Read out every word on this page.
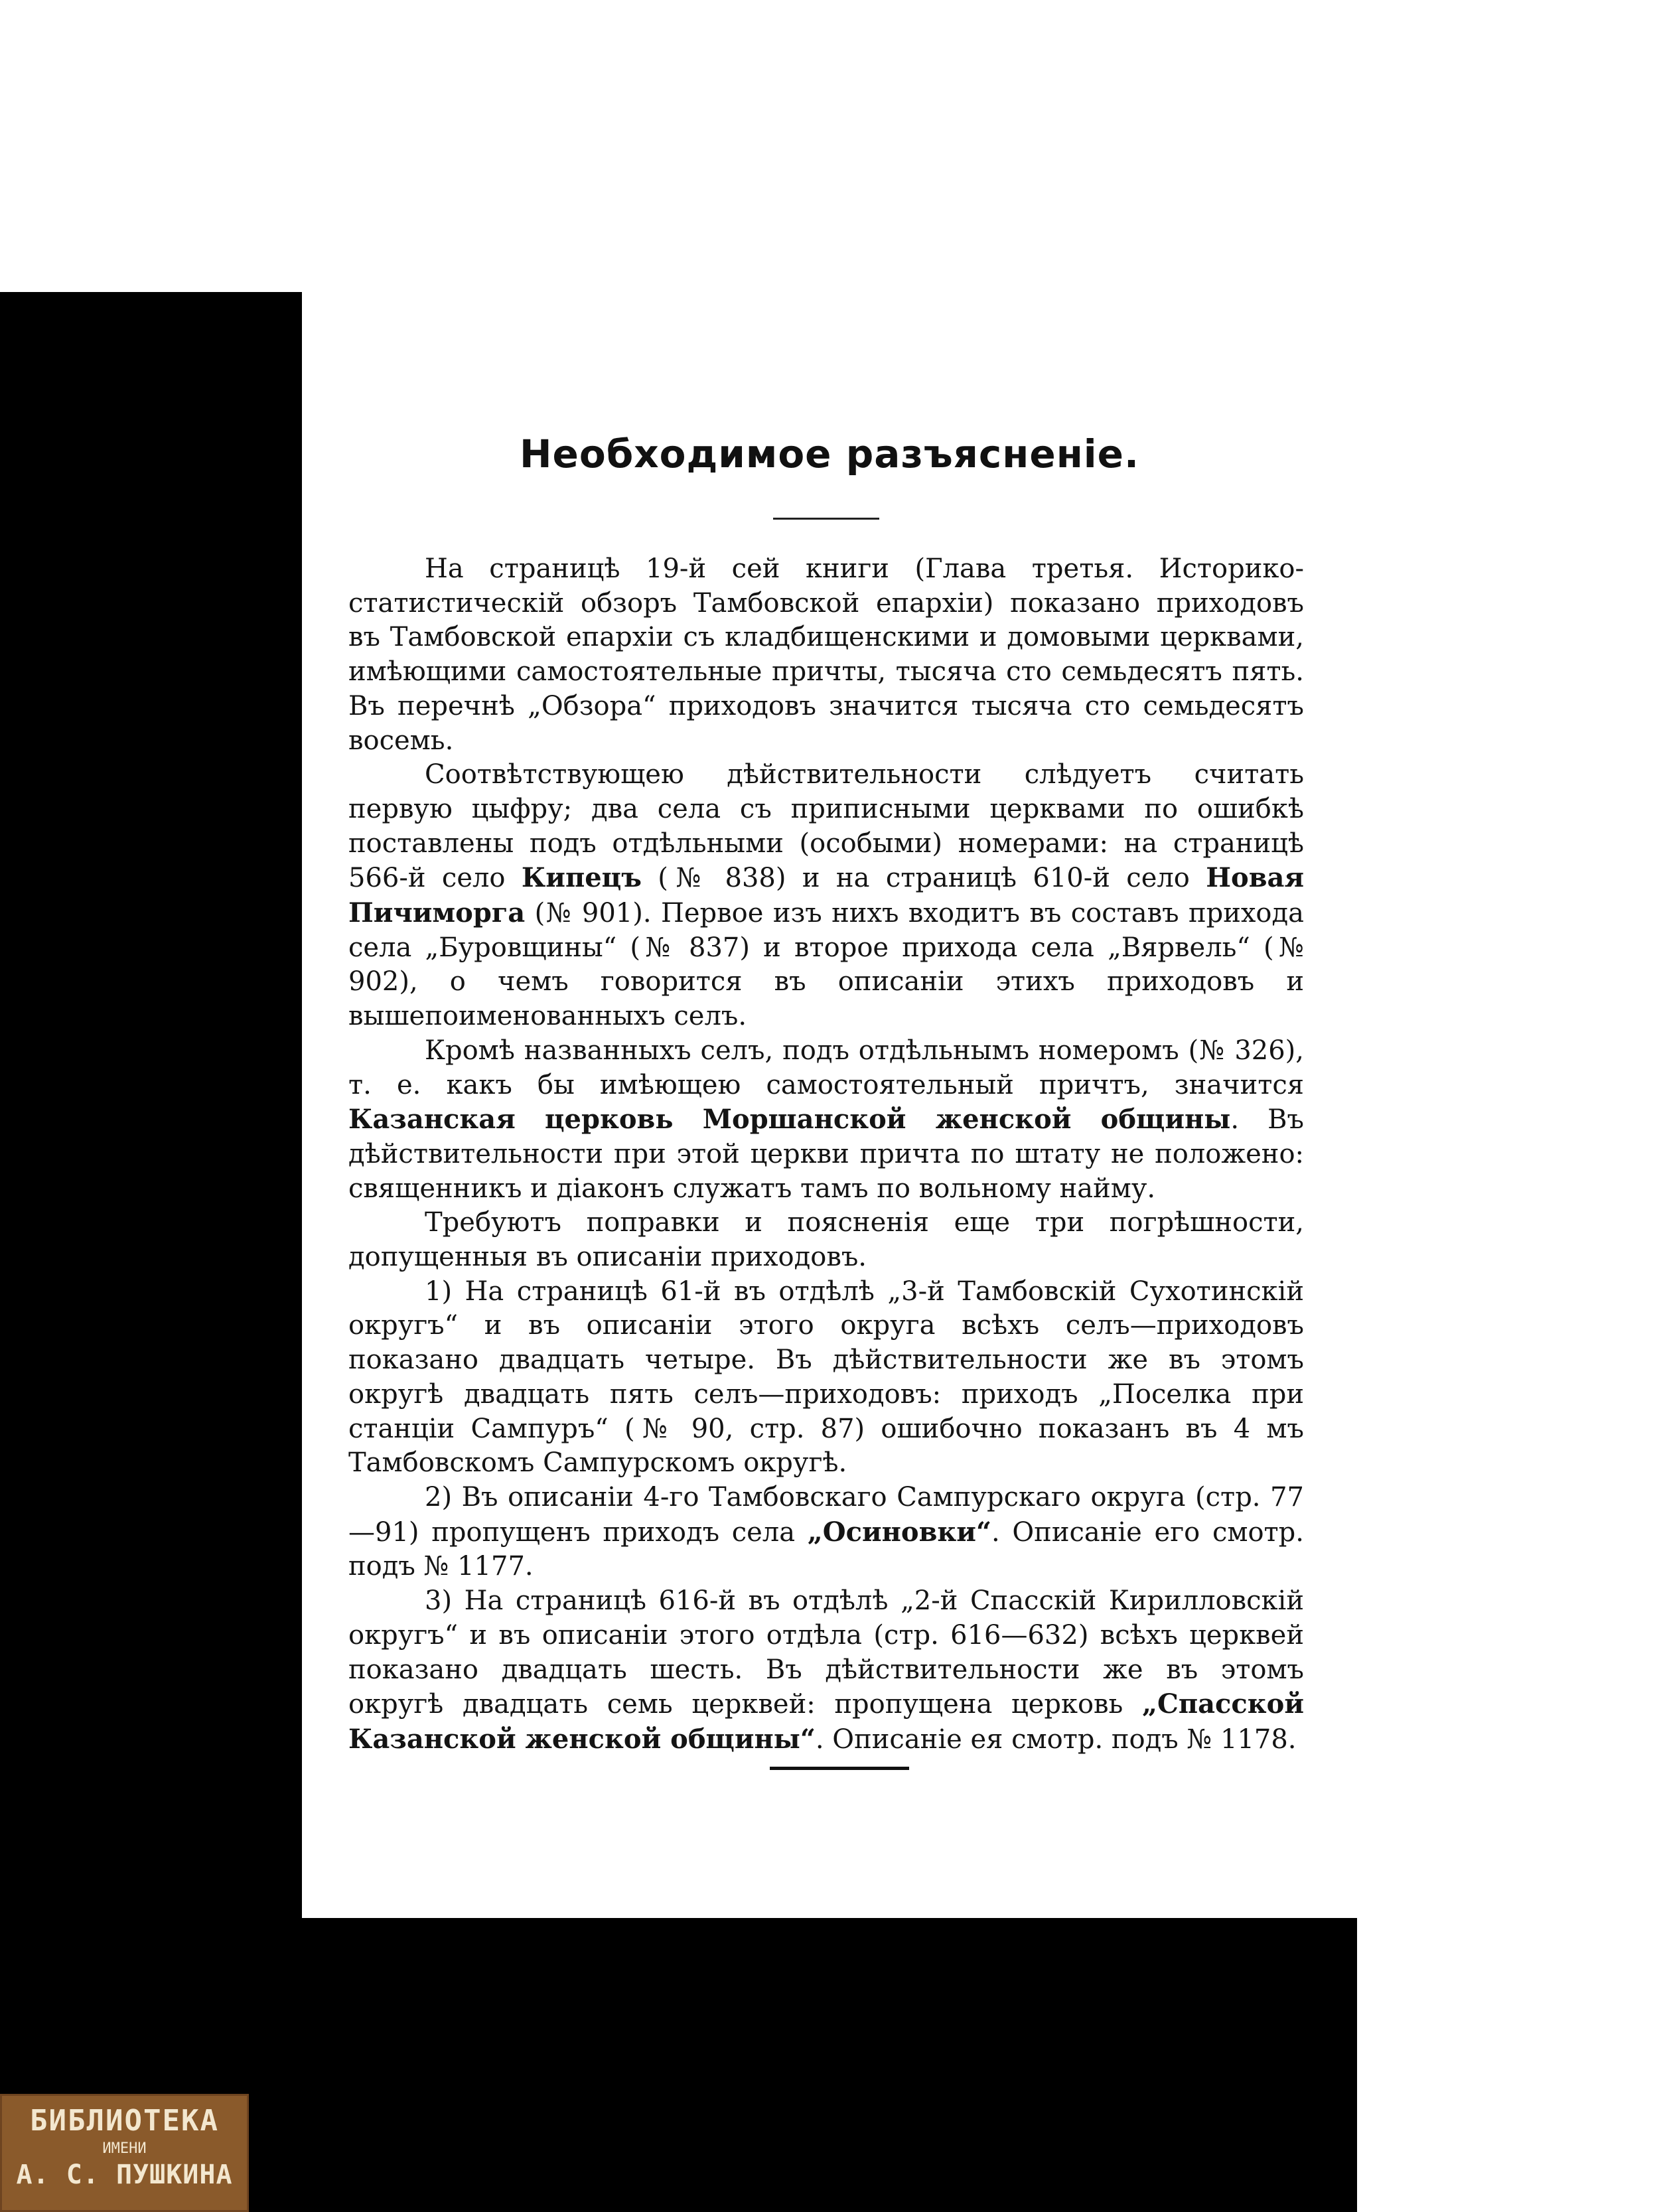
Необходимое разъясненіе.

На страницѣ 19-й сей книги (Глава третья. Историко-статистическій обзоръ Тамбовской епархіи) показано приходовъ въ Тамбовской епархіи съ кладбищенскими и домовыми церквами, имѣющими самостоятельные причты, тысяча сто семьдесятъ пять. Въ перечнѣ „Обзора“ приходовъ значится тысяча сто семьдесятъ восемь.

Соотвѣтствующею дѣйствительности слѣдуетъ считать первую цыфру; два села съ приписными церквами по ошибкѣ поставлены подъ отдѣльными (особыми) номерами: на страницѣ 566-й село Кипецъ (№ 838) и на страницѣ 610-й село Новая Пичиморга (№ 901). Первое изъ нихъ входитъ въ составъ прихода села „Буровщины“ (№ 837) и второе прихода села „Вярвель“ (№ 902), о чемъ говорится въ описаніи этихъ приходовъ и вышепоименованныхъ селъ.

Кромѣ названныхъ селъ, подъ отдѣльнымъ номеромъ (№ 326), т. е. какъ бы имѣющею самостоятельный причтъ, значится Казанская церковь Моршанской женской общины. Въ дѣйствительности при этой церкви причта по штату не положено: священникъ и діаконъ служатъ тамъ по вольному найму.

Требуютъ поправки и поясненія еще три погрѣшности, допущенныя въ описаніи приходовъ.

1) На страницѣ 61-й въ отдѣлѣ „3-й Тамбовскій Сухотинскій округъ“ и въ описаніи этого округа всѣхъ селъ—приходовъ показано двадцать четыре. Въ дѣйствительности же въ этомъ округѣ двадцать пять селъ—приходовъ: приходъ „Поселка при станціи Сампуръ“ (№ 90, стр. 87) ошибочно показанъ въ 4 мъ Тамбовскомъ Сампурскомъ округѣ.

2) Въ описаніи 4-го Тамбовскаго Сампурскаго округа (стр. 77—91) пропущенъ приходъ села „Осиновки“. Описаніе его смотр. подъ № 1177.

3) На страницѣ 616-й въ отдѣлѣ „2-й Спасскій Кирилловскій округъ“ и въ описаніи этого отдѣла (стр. 616—632) всѣхъ церквей показано двадцать шесть. Въ дѣйствительности же въ этомъ округѣ двадцать семь церквей: пропущена церковь „Спасской Казанской женской общины“. Описаніе ея смотр. подъ № 1178.

БИБЛИОТЕКА
ИМЕНИ
А. С. ПУШКИНА
